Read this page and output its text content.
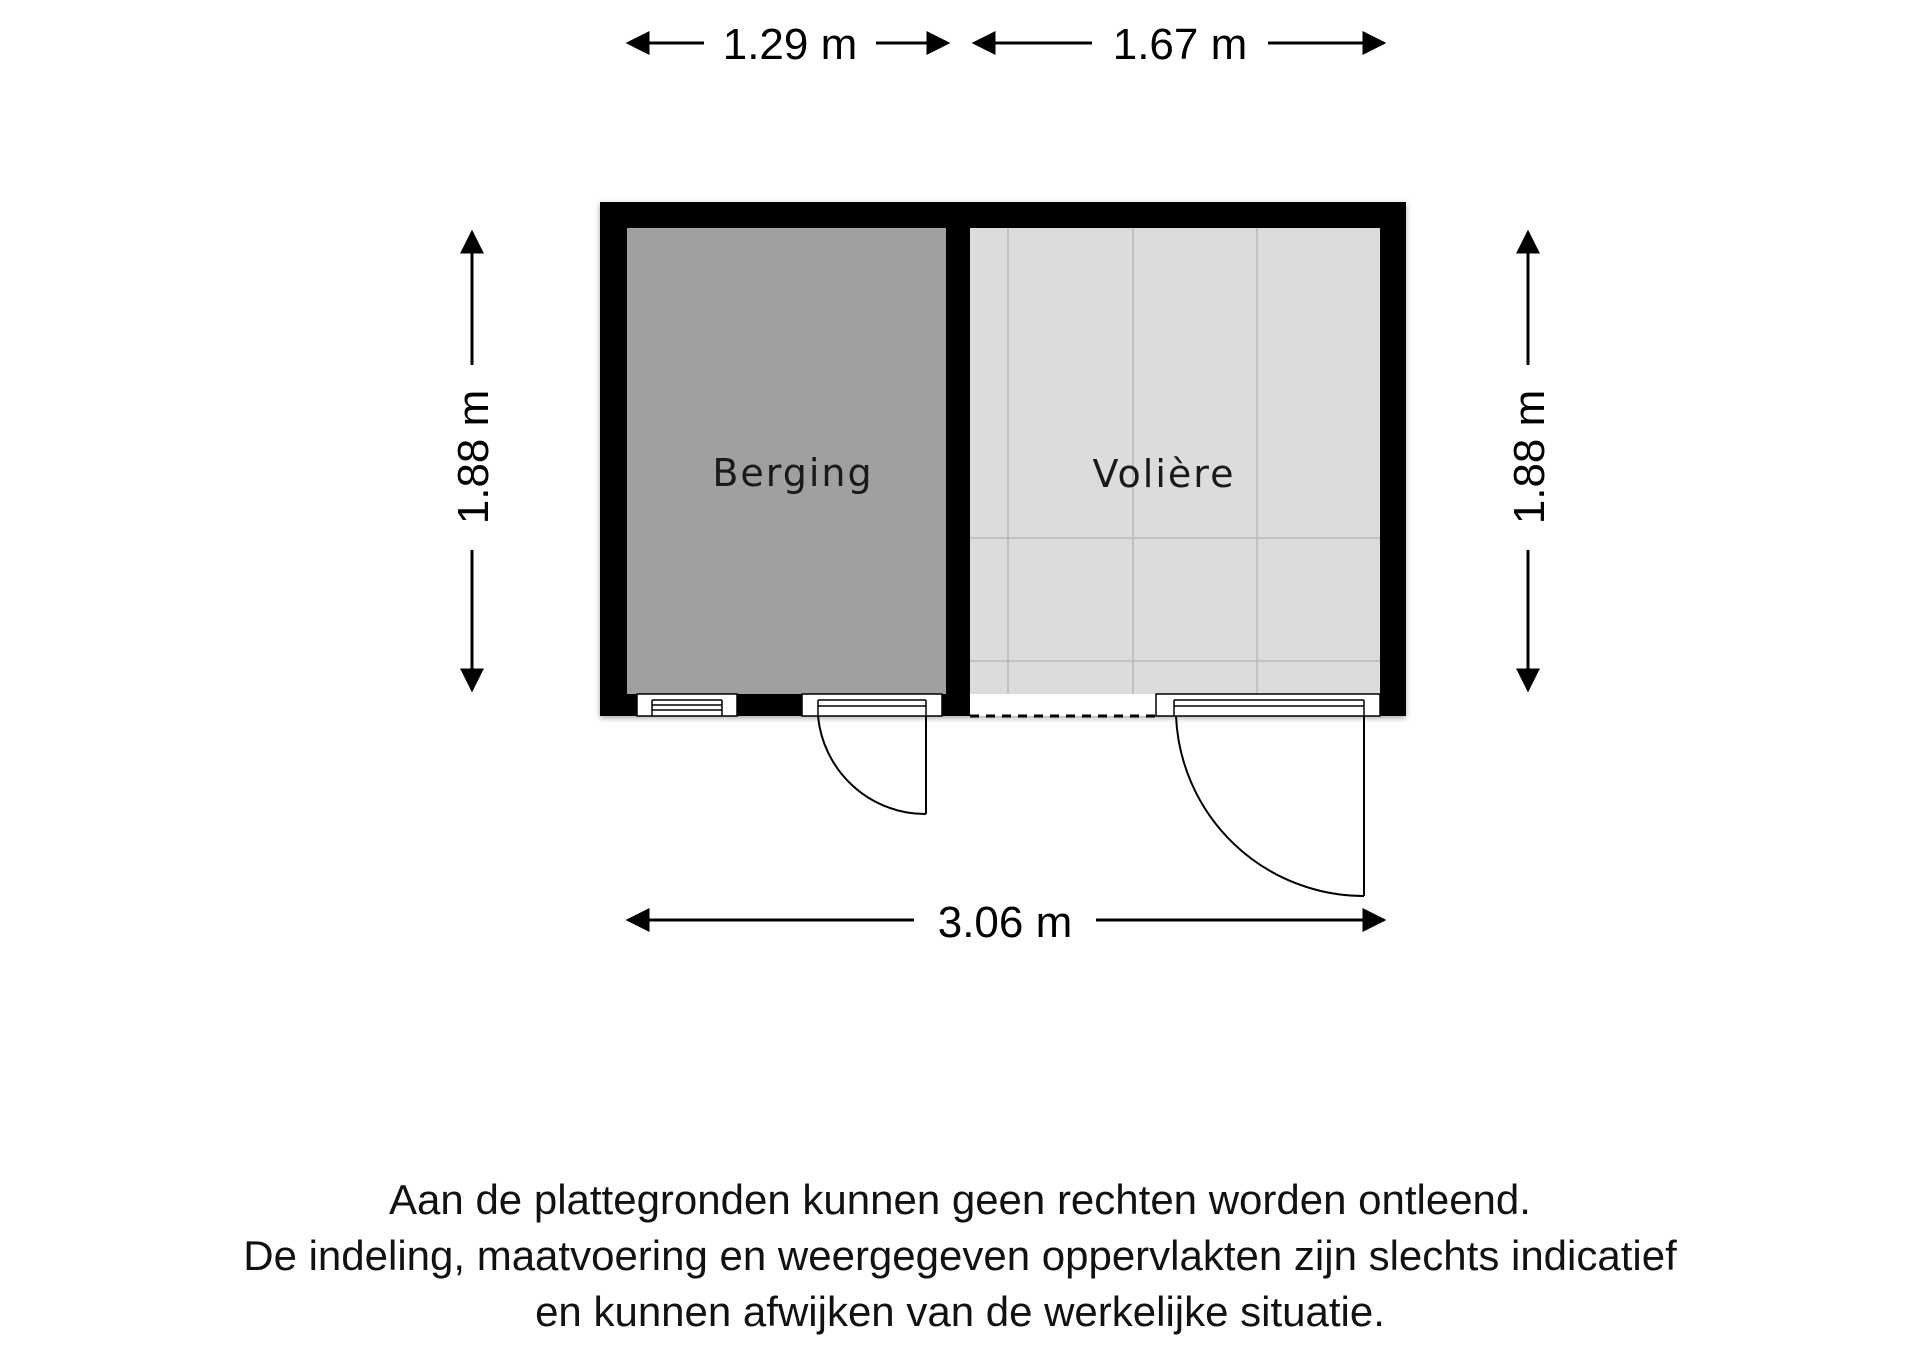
1.29 m	1.67 m
1.88 m	1.88 m
3.06 m
Berging	Volière
Aan de plattegronden kunnen geen rechten worden ontleend.
De indeling, maatvoering en weergegeven oppervlakten zijn slechts indicatief
en kunnen afwijken van de werkelijke situatie.
